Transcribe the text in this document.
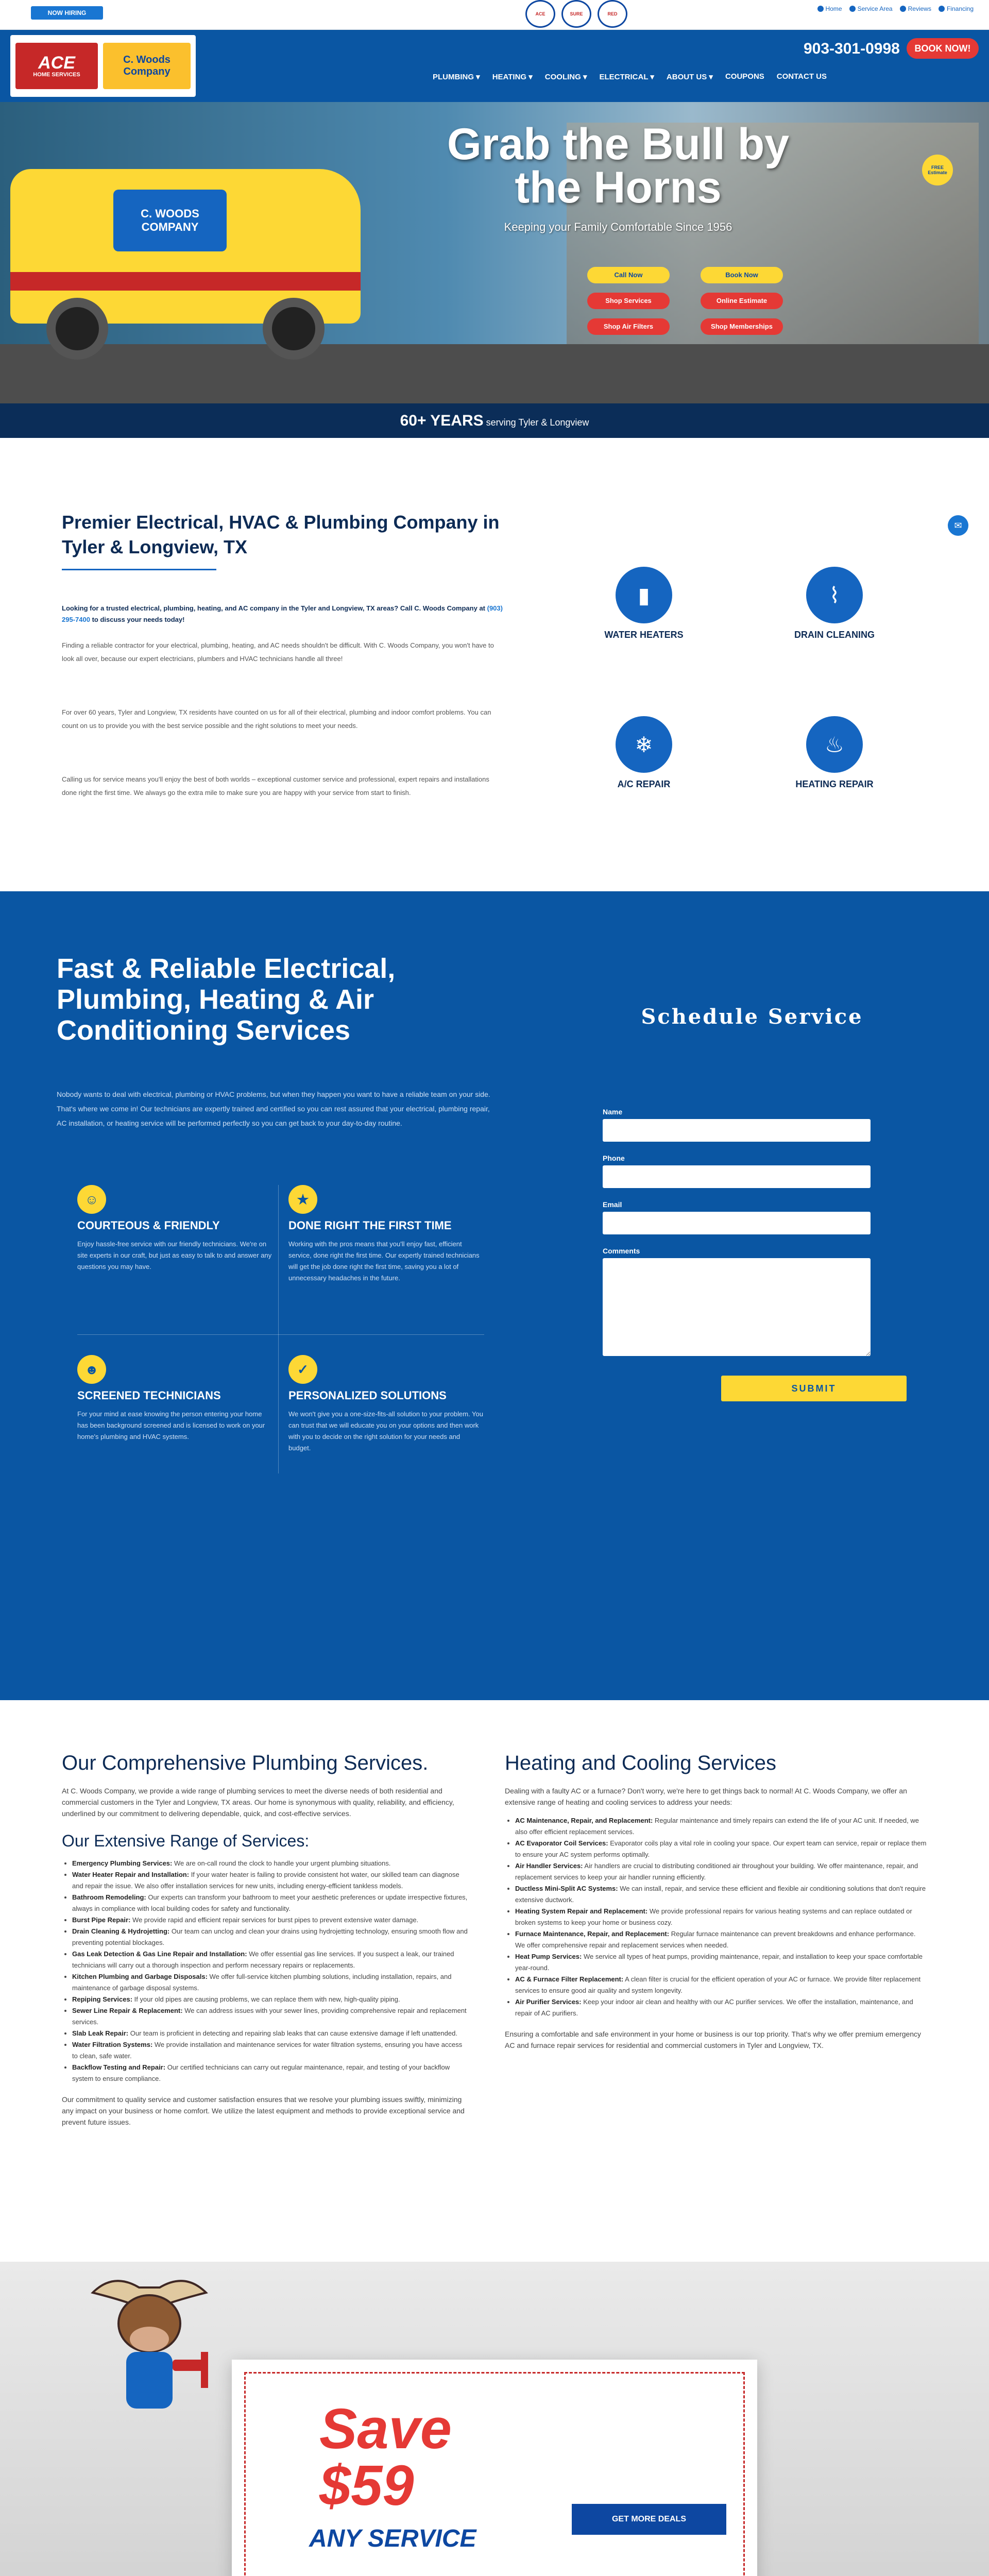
NOW HIRING	ACE	SURE	RED
Home	Service Area	Reviews	Financing
ACE
HOME SERVICES
C. Woods Company
903-301-0998	BOOK NOW!
PLUMBING ▾ HEATING ▾ COOLING ▾ ELECTRICAL ▾ ABOUT US ▾ COUPONS CONTACT US
C. WOODS COMPANY
Grab the Bull by the Horns
Keeping your Family Comfortable Since 1956
Call Now	Book Now
Shop Services	Online Estimate
Shop Air Filters	Shop Memberships
FREE Estimate
60+ YEARS serving Tyler & Longview
Premier Electrical, HVAC & Plumbing Company in Tyler & Longview, TX
Looking for a trusted electrical, plumbing, heating, and AC company in the Tyler and Longview, TX areas? Call C. Woods Company at (903) 295-7400 to discuss your needs today!
Finding a reliable contractor for your electrical, plumbing, heating, and AC needs shouldn't be difficult. With C. Woods Company, you won't have to look all over, because our expert electricians, plumbers and HVAC technicians handle all three!
For over 60 years, Tyler and Longview, TX residents have counted on us for all of their electrical, plumbing and indoor comfort problems. You can count on us to provide you with the best service possible and the right solutions to meet your needs.
Calling us for service means you'll enjoy the best of both worlds – exceptional customer service and professional, expert repairs and installations done right the first time. We always go the extra mile to make sure you are happy with your service from start to finish.
▮
WATER HEATERS
⌇
DRAIN CLEANING
❄
A/C REPAIR
♨
HEATING REPAIR
✉
Fast & Reliable Electrical, Plumbing, Heating & Air Conditioning Services
Nobody wants to deal with electrical, plumbing or HVAC problems, but when they happen you want to have a reliable team on your side. That's where we come in! Our technicians are expertly trained and certified so you can rest assured that your electrical, plumbing repair, AC installation, or heating service will be performed perfectly so you can get back to your day-to-day routine.
☺
COURTEOUS & FRIENDLY
Enjoy hassle-free service with our friendly technicians. We're on site experts in our craft, but just as easy to talk to and answer any questions you may have.
★
DONE RIGHT THE FIRST TIME
Working with the pros means that you'll enjoy fast, efficient service, done right the first time. Our expertly trained technicians will get the job done right the first time, saving you a lot of unnecessary headaches in the future.
☻
SCREENED TECHNICIANS
For your mind at ease knowing the person entering your home has been background screened and is licensed to work on your home's plumbing and HVAC systems.
✓
PERSONALIZED SOLUTIONS
We won't give you a one-size-fits-all solution to your problem. You can trust that we will educate you on your options and then work with you to decide on the right solution for your needs and budget.
Schedule Service
Name
Phone
Email
Comments
SUBMIT
Our Comprehensive Plumbing Services.
At C. Woods Company, we provide a wide range of plumbing services to meet the diverse needs of both residential and commercial customers in the Tyler and Longview, TX areas. Our home is synonymous with quality, reliability, and efficiency, underlined by our commitment to delivering dependable, quick, and cost-effective services.
Our Extensive Range of Services:
• Emergency Plumbing Services: We are on-call round the clock to handle your urgent plumbing situations.
• Water Heater Repair and Installation: If your water heater is failing to provide consistent hot water, our skilled team can diagnose and repair the issue. We also offer installation services for new units, including energy-efficient tankless models.
• Bathroom Remodeling: Our experts can transform your bathroom to meet your aesthetic preferences or update irrespective fixtures, always in compliance with local building codes for safety and functionality.
• Burst Pipe Repair: We provide rapid and efficient repair services for burst pipes to prevent extensive water damage.
• Drain Cleaning & Hydrojetting: Our team can unclog and clean your drains using hydrojetting technology, ensuring smooth flow and preventing potential blockages.
• Gas Leak Detection & Gas Line Repair and Installation: We offer essential gas line services. If you suspect a leak, our trained technicians will carry out a thorough inspection and perform necessary repairs or replacements.
• Kitchen Plumbing and Garbage Disposals: We offer full-service kitchen plumbing solutions, including installation, repairs, and maintenance of garbage disposal systems.
• Repiping Services: If your old pipes are causing problems, we can replace them with new, high-quality piping.
• Sewer Line Repair & Replacement: We can address issues with your sewer lines, providing comprehensive repair and replacement services.
• Slab Leak Repair: Our team is proficient in detecting and repairing slab leaks that can cause extensive damage if left unattended.
• Water Filtration Systems: We provide installation and maintenance services for water filtration systems, ensuring you have access to clean, safe water.
• Backflow Testing and Repair: Our certified technicians can carry out regular maintenance, repair, and testing of your backflow system to ensure compliance.
Our commitment to quality service and customer satisfaction ensures that we resolve your plumbing issues swiftly, minimizing any impact on your business or home comfort. We utilize the latest equipment and methods to provide exceptional service and prevent future issues.
Heating and Cooling Services
Dealing with a faulty AC or a furnace? Don't worry, we're here to get things back to normal! At C. Woods Company, we offer an extensive range of heating and cooling services to address your needs:
• AC Maintenance, Repair, and Replacement: Regular maintenance and timely repairs can extend the life of your AC unit. If needed, we also offer efficient replacement services.
• AC Evaporator Coil Services: Evaporator coils play a vital role in cooling your space. Our expert team can service, repair or replace them to ensure your AC system performs optimally.
• Air Handler Services: Air handlers are crucial to distributing conditioned air throughout your building. We offer maintenance, repair, and replacement services to keep your air handler running efficiently.
• Ductless Mini-Split AC Systems: We can install, repair, and service these efficient and flexible air conditioning solutions that don't require extensive ductwork.
• Heating System Repair and Replacement: We provide professional repairs for various heating systems and can replace outdated or broken systems to keep your home or business cozy.
• Furnace Maintenance, Repair, and Replacement: Regular furnace maintenance can prevent breakdowns and enhance performance. We offer comprehensive repair and replacement services when needed.
• Heat Pump Services: We service all types of heat pumps, providing maintenance, repair, and installation to keep your space comfortable year-round.
• AC & Furnace Filter Replacement: A clean filter is crucial for the efficient operation of your AC or furnace. We provide filter replacement services to ensure good air quality and system longevity.
• Air Purifier Services: Keep your indoor air clean and healthy with our AC purifier services. We offer the installation, maintenance, and repair of AC purifiers.
Ensuring a comfortable and safe environment in your home or business is our top priority. That's why we offer premium emergency AC and furnace repair services for residential and commercial customers in Tyler and Longview, TX.
Save
$59
ANY SERVICE
GET MORE DEALS
